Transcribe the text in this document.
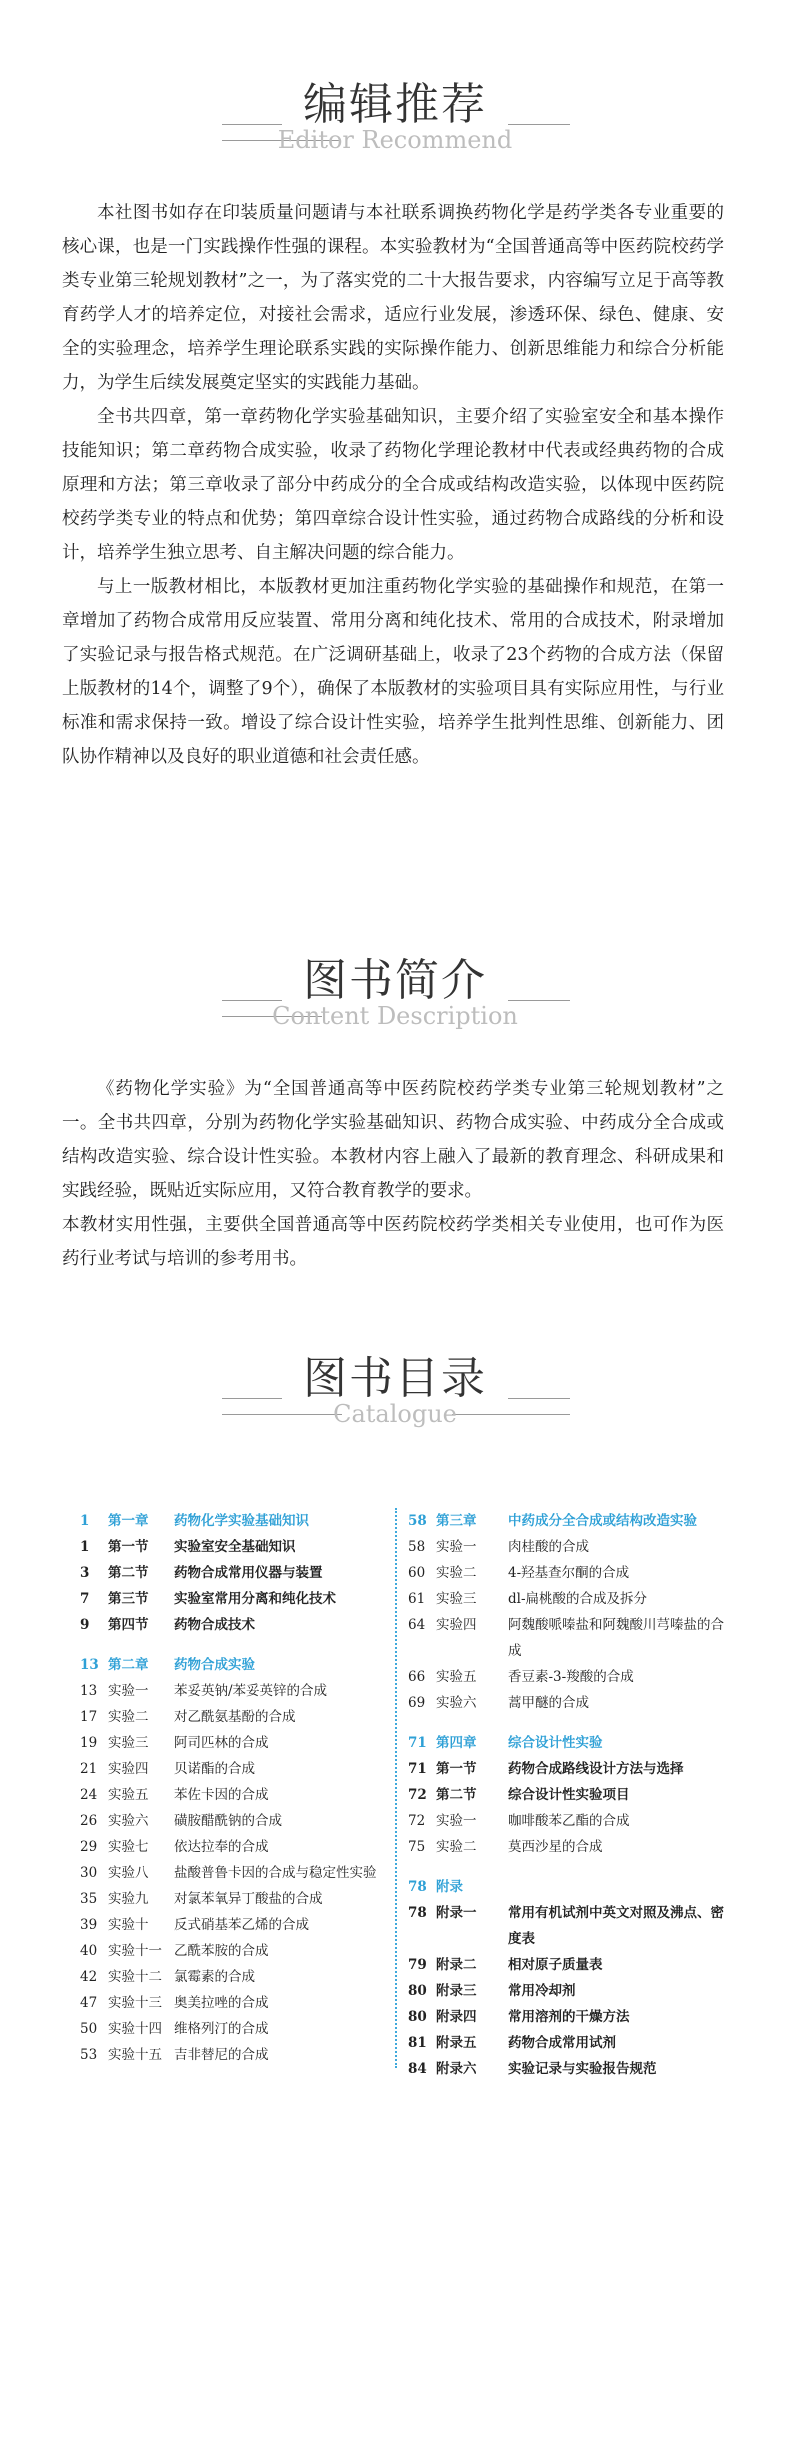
编辑推荐
Editor Recommend

本社图书如存在印装质量问题请与本社联系调换药物化学是药学类各专业重要的核心课，也是一门实践操作性强的课程。本实验教材为“全国普通高等中医药院校药学类专业第三轮规划教材”之一，为了落实党的二十大报告要求，内容编写立足于高等教育药学人才的培养定位，对接社会需求，适应行业发展，渗透环保、绿色、健康、安全的实验理念，培养学生理论联系实践的实际操作能力、创新思维能力和综合分析能力，为学生后续发展奠定坚实的实践能力基础。

全书共四章，第一章药物化学实验基础知识，主要介绍了实验室安全和基本操作技能知识；第二章药物合成实验，收录了药物化学理论教材中代表或经典药物的合成原理和方法；第三章收录了部分中药成分的全合成或结构改造实验，以体现中医药院校药学类专业的特点和优势；第四章综合设计性实验，通过药物合成路线的分析和设计，培养学生独立思考、自主解决问题的综合能力。

与上一版教材相比，本版教材更加注重药物化学实验的基础操作和规范，在第一章增加了药物合成常用反应装置、常用分离和纯化技术、常用的合成技术，附录增加了实验记录与报告格式规范。在广泛调研基础上，收录了23个药物的合成方法（保留上版教材的14个，调整了9个），确保了本版教材的实验项目具有实际应用性，与行业标准和需求保持一致。增设了综合设计性实验，培养学生批判性思维、创新能力、团队协作精神以及良好的职业道德和社会责任感。

图书简介
Content Description

《药物化学实验》为“全国普通高等中医药院校药学类专业第三轮规划教材”之一。全书共四章，分别为药物化学实验基础知识、药物合成实验、中药成分全合成或结构改造实验、综合设计性实验。本教材内容上融入了最新的教育理念、科研成果和实践经验，既贴近实际应用，又符合教育教学的要求。

本教材实用性强，主要供全国普通高等中医药院校药学类相关专业使用，也可作为医药行业考试与培训的参考用书。

图书目录
Catalogue
1 第一章 药物化学实验基础知识
1 第一节 实验室安全基础知识
3 第二节 药物合成常用仪器与装置
7 第三节 实验室常用分离和纯化技术
9 第四节 药物合成技术
13 第二章 药物合成实验
13 实验一 苯妥英钠/苯妥英锌的合成
17 实验二 对乙酰氨基酚的合成
19 实验三 阿司匹林的合成
21 实验四 贝诺酯的合成
24 实验五 苯佐卡因的合成
26 实验六 磺胺醋酰钠的合成
29 实验七 依达拉奉的合成
30 实验八 盐酸普鲁卡因的合成与稳定性实验
35 实验九 对氯苯氧异丁酸盐的合成
39 实验十 反式硝基苯乙烯的合成
40 实验十一 乙酰苯胺的合成
42 实验十二 氯霉素的合成
47 实验十三 奥美拉唑的合成
50 实验十四 维格列汀的合成
53 实验十五 吉非替尼的合成
58 第三章 中药成分全合成或结构改造实验
58 实验一 肉桂酸的合成
60 实验二 4-羟基查尔酮的合成
61 实验三 dl-扁桃酸的合成及拆分
64 实验四 阿魏酸哌嗪盐和阿魏酸川芎嗪盐的合成
66 实验五 香豆素-3-羧酸的合成
69 实验六 蒿甲醚的合成
71 第四章 综合设计性实验
71 第一节 药物合成路线设计方法与选择
72 第二节 综合设计性实验项目
72 实验一 咖啡酸苯乙酯的合成
75 实验二 莫西沙星的合成
78 附录
78 附录一 常用有机试剂中英文对照及沸点、密度表
79 附录二 相对原子质量表
80 附录三 常用冷却剂
80 附录四 常用溶剂的干燥方法
81 附录五 药物合成常用试剂
84 附录六 实验记录与实验报告规范
